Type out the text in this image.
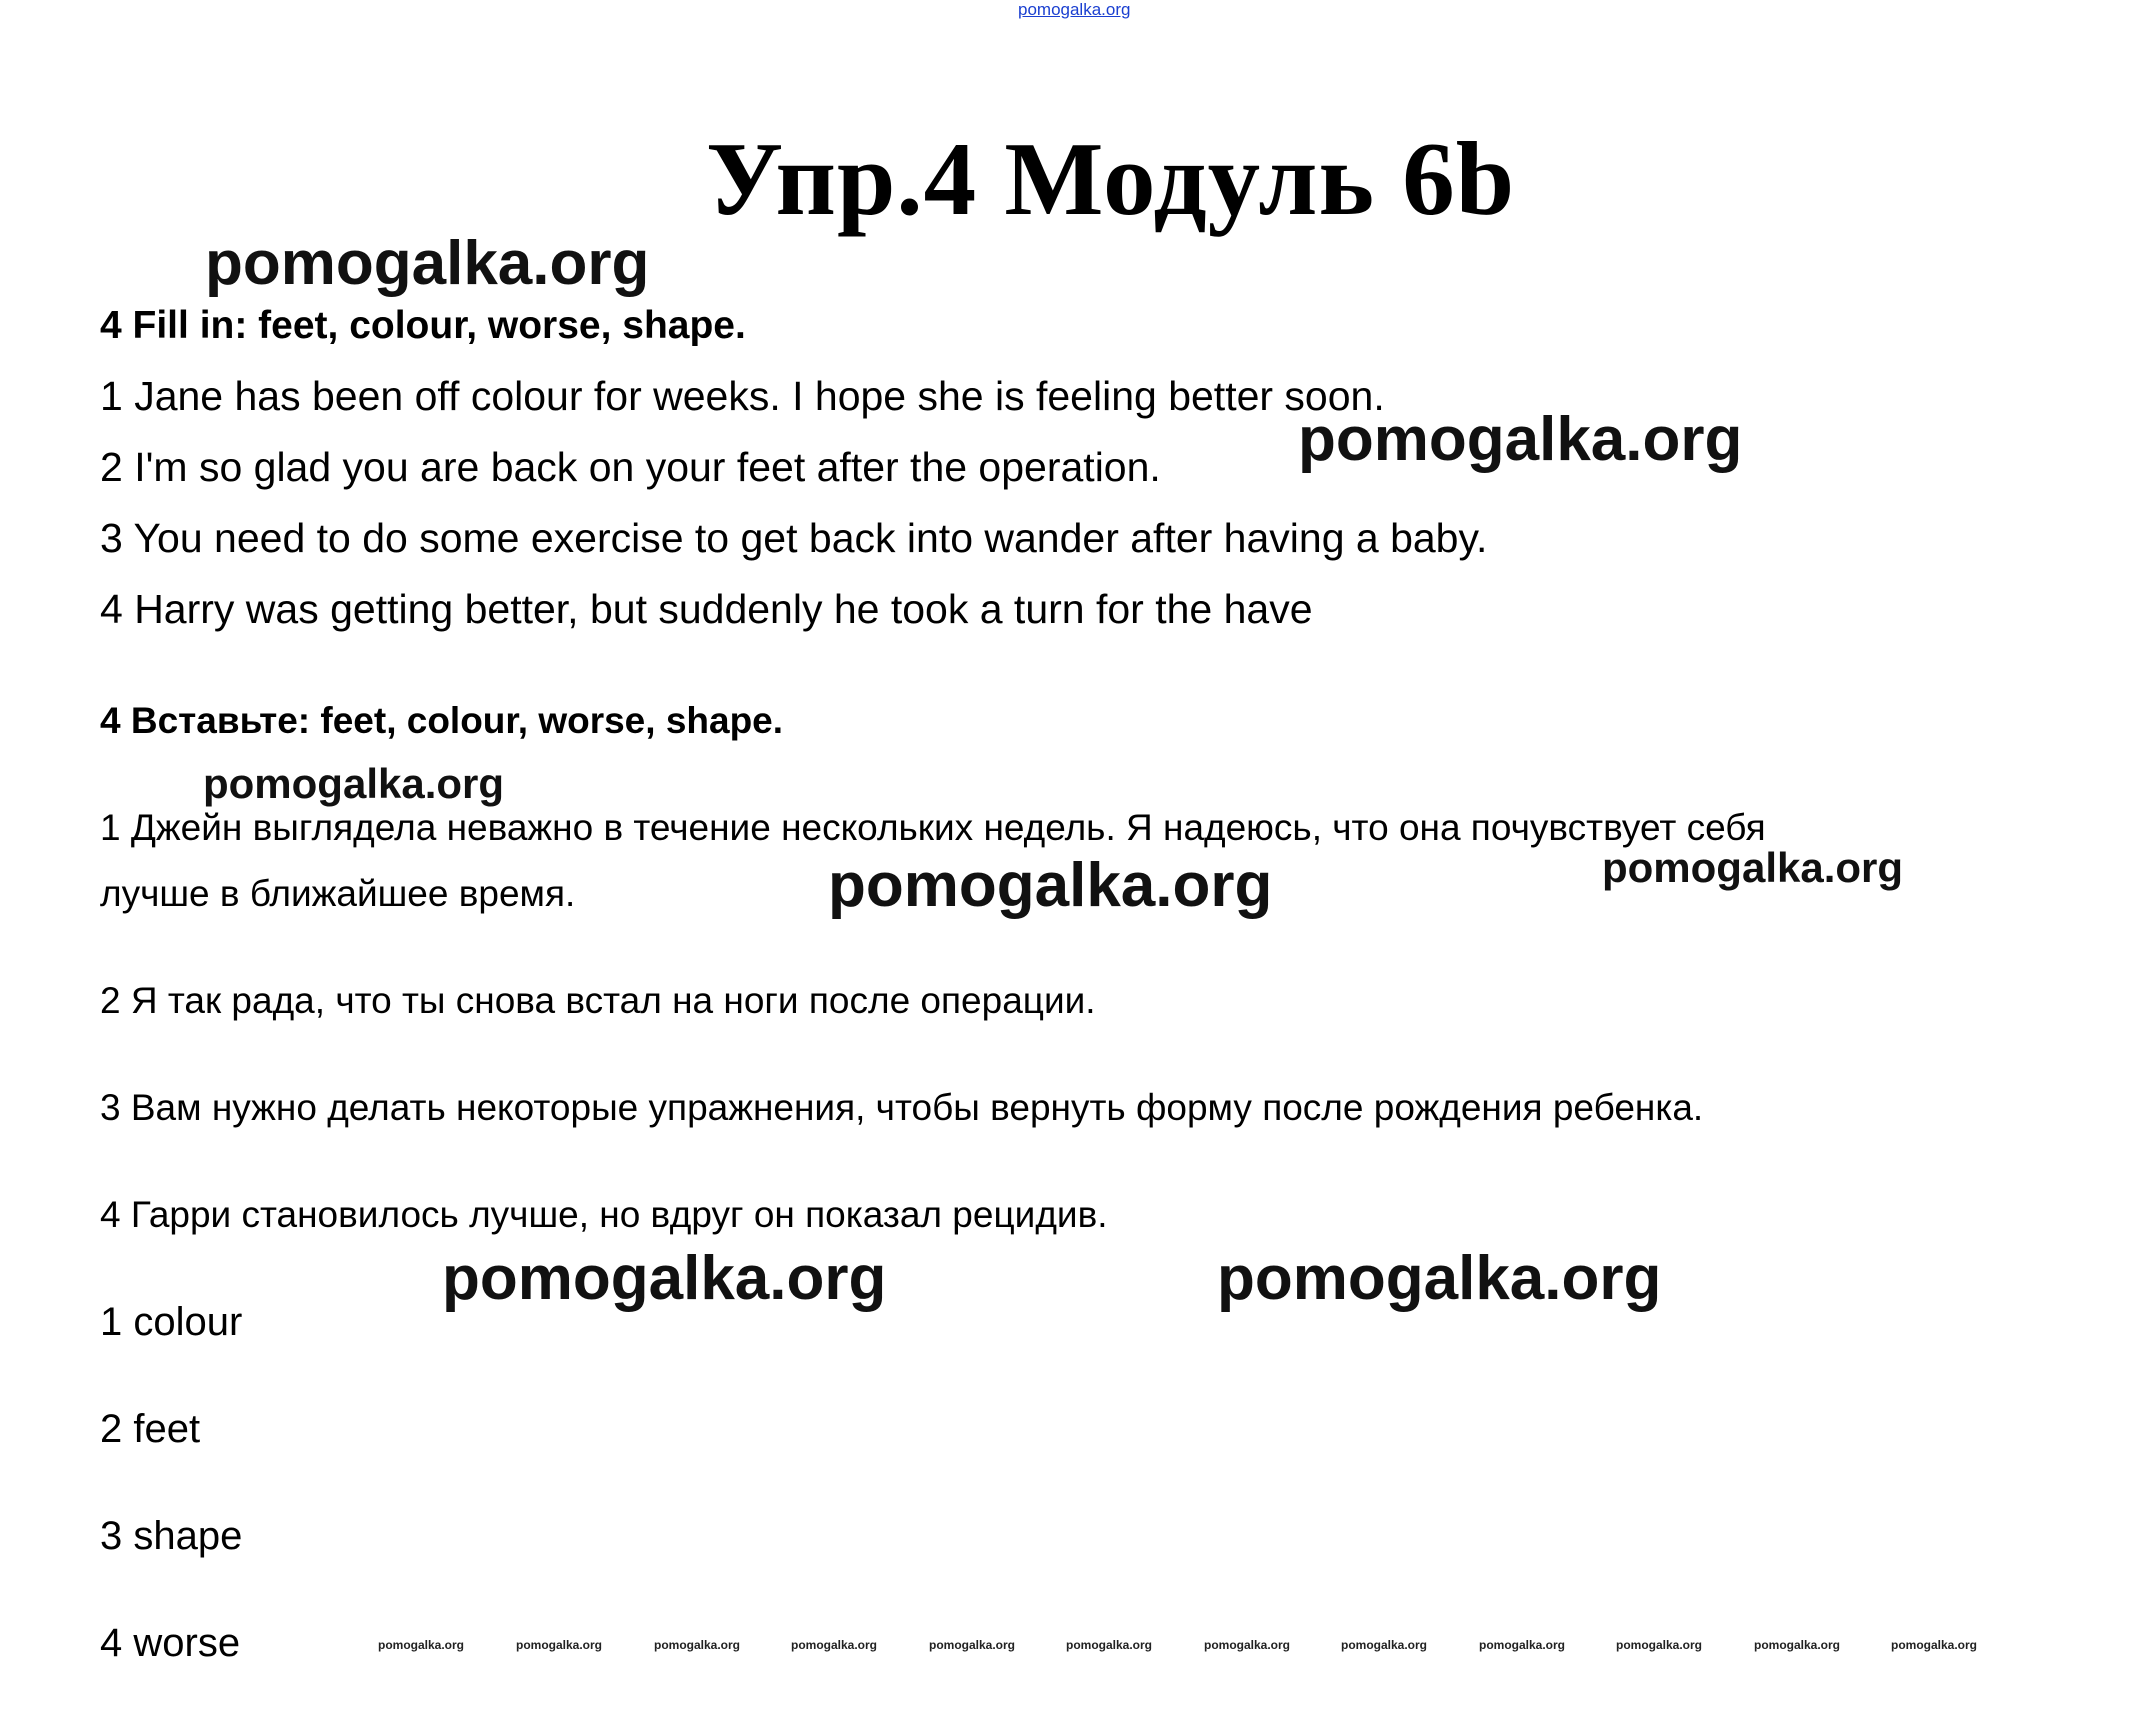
pomogalka.org
Упр.4 Модуль 6b
pomogalka.org
pomogalka.org
pomogalka.org
pomogalka.org	pomogalka.org
pomogalka.org	pomogalka.org
4 Fill in: feet, colour, worse, shape.
1 Jane has been off colour for weeks. I hope she is feeling better soon.
2 I'm so glad you are back on your feet after the operation.
3 You need to do some exercise to get back into wander after having a baby.
4 Harry was getting better, but suddenly he took a turn for the have
4 Вставьте: feet, colour, worse, shape.
1 Джейн выглядела неважно в течение нескольких недель. Я надеюсь, что она почувствует себя
лучше в ближайшее время.
2 Я так рада, что ты снова встал на ноги после операции.
3 Вам нужно делать некоторые упражнения, чтобы вернуть форму после рождения ребенка.
4 Гарри становилось лучше, но вдруг он показал рецидив.
1 colour
2 feet
3 shape
4 worse	pomogalka.org	pomogalka.org	pomogalka.org	pomogalka.org	pomogalka.org	pomogalka.org	pomogalka.org	pomogalka.org	pomogalka.org	pomogalka.org	pomogalka.org	pomogalka.org
